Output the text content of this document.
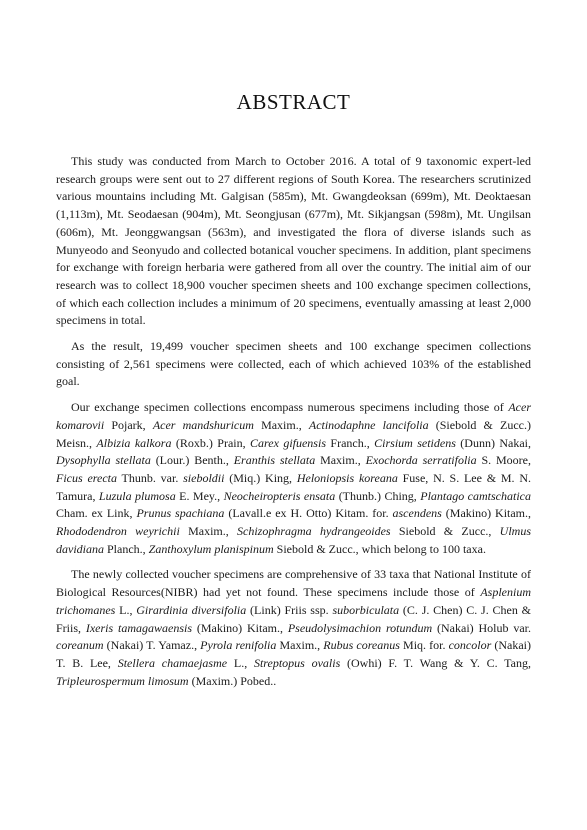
ABSTRACT

This study was conducted from March to October 2016. A total of 9 taxonomic expert-led research groups were sent out to 27 different regions of South Korea. The researchers scrutinized various mountains including Mt. Galgisan (585m), Mt. Gwangdeoksan (699m), Mt. Deoktaesan (1,113m), Mt. Seodaesan (904m), Mt. Seongjusan (677m), Mt. Sikjangsan (598m), Mt. Ungilsan (606m), Mt. Jeonggwangsan (563m), and investigated the flora of diverse islands such as Munyeodo and Seonyudo and collected botanical voucher specimens. In addition, plant specimens for exchange with foreign herbaria were gathered from all over the country. The initial aim of our research was to collect 18,900 voucher specimen sheets and 100 exchange specimen collections, of which each collection includes a minimum of 20 specimens, eventually amassing at least 2,000 specimens in total.

As the result, 19,499 voucher specimen sheets and 100 exchange specimen collections consisting of 2,561 specimens were collected, each of which achieved 103% of the established goal.

Our exchange specimen collections encompass numerous specimens including those of Acer komarovii Pojark, Acer mandshuricum Maxim., Actinodaphne lancifolia (Siebold & Zucc.) Meisn., Albizia kalkora (Roxb.) Prain, Carex gifuensis Franch., Cirsium setidens (Dunn) Nakai, Dysophylla stellata (Lour.) Benth., Eranthis stellata Maxim., Exochorda serratifolia S. Moore, Ficus erecta Thunb. var. sieboldii (Miq.) King, Heloniopsis koreana Fuse, N. S. Lee & M. N. Tamura, Luzula plumosa E. Mey., Neocheiropteris ensata (Thunb.) Ching, Plantago camtschatica Cham. ex Link, Prunus spachiana (Lavall.e ex H. Otto) Kitam. for. ascendens (Makino) Kitam., Rhododendron weyrichii Maxim., Schizophragma hydrangeoides Siebold & Zucc., Ulmus davidiana Planch., Zanthoxylum planispinum Siebold & Zucc., which belong to 100 taxa.

The newly collected voucher specimens are comprehensive of 33 taxa that National Institute of Biological Resources(NIBR) had yet not found. These specimens include those of Asplenium trichomanes L., Girardinia diversifolia (Link) Friis ssp. suborbiculata (C. J. Chen) C. J. Chen & Friis, Ixeris tamagawaensis (Makino) Kitam., Pseudolysimachion rotundum (Nakai) Holub var. coreanum (Nakai) T. Yamaz., Pyrola renifolia Maxim., Rubus coreanus Miq. for. concolor (Nakai) T. B. Lee, Stellera chamaejasme L., Streptopus ovalis (Owhi) F. T. Wang & Y. C. Tang, Tripleurospermum limosum (Maxim.) Pobed..
